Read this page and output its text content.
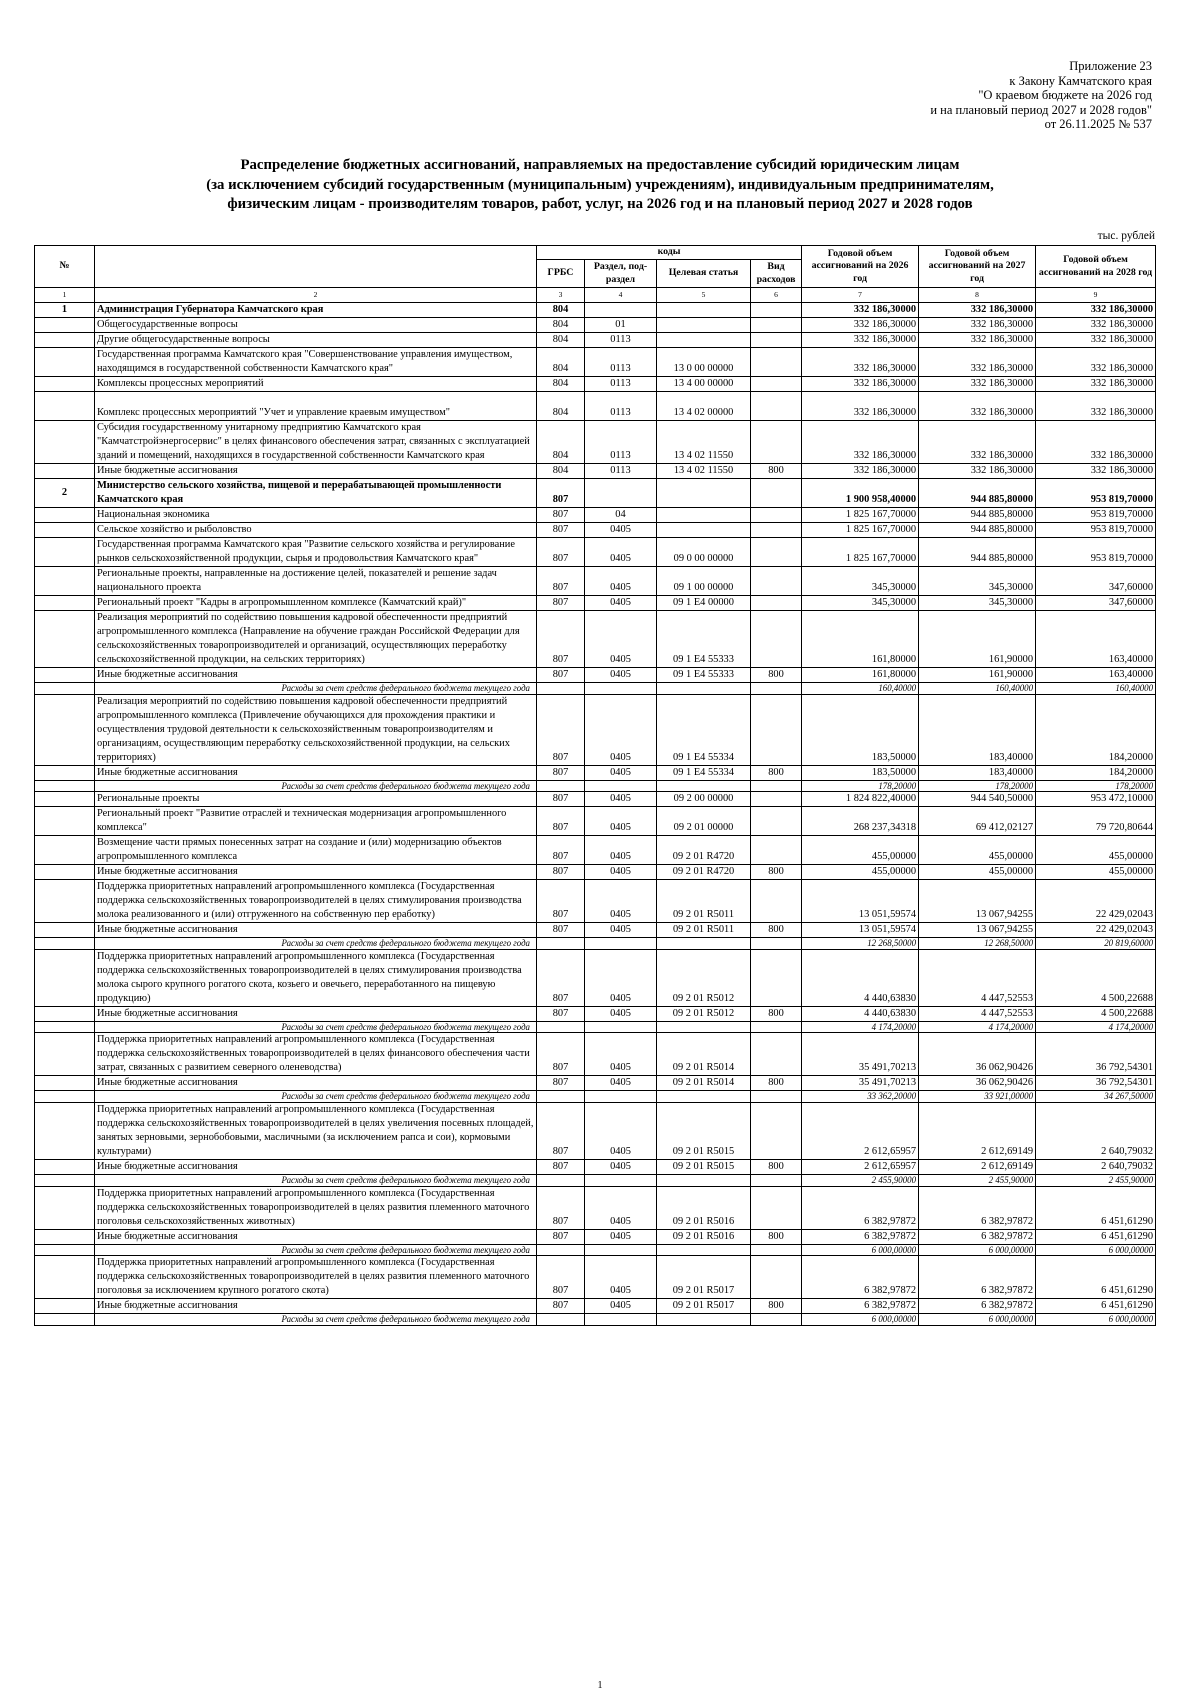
Приложение 23
к Закону Камчатского края
"О краевом бюджете на 2026 год
и на плановый период 2027 и 2028 годов"
от 26.11.2025 № 537
Распределение бюджетных ассигнований, направляемых на предоставление субсидий юридическим лицам
(за исключением субсидий государственным (муниципальным) учреждениям), индивидуальным предпринимателям,
физическим лицам - производителям товаров, работ, услуг, на 2026 год и на плановый период 2027 и 2028 годов
тыс. рублей
№		коды				Годовой объем ассигнований на 2026 год	Годовой объем ассигнований на 2027 год	Годовой объем ассигнований на 2028 год
		ГРБС	Раздел, под-раздел	Целевая статья	Вид расходов			
1	2	3	4	5	6	7	8	9
1	Администрация Губернатора Камчатского края	804				332 186,30000	332 186,30000	332 186,30000
	Общегосударственные вопросы	804	01			332 186,30000	332 186,30000	332 186,30000
	Другие общегосударственные вопросы	804	0113			332 186,30000	332 186,30000	332 186,30000
	Государственная программа Камчатского края "Совершенствование управления имуществом, находящимся в государственной собственности Камчатского края"	804	0113	13 0 00 00000		332 186,30000	332 186,30000	332 186,30000
	Комплексы процессных мероприятий	804	0113	13 4 00 00000		332 186,30000	332 186,30000	332 186,30000
	Комплекс процессных мероприятий "Учет и управление краевым имуществом"	804	0113	13 4 02 00000		332 186,30000	332 186,30000	332 186,30000
	Субсидия государственному унитарному предприятию Камчатского края "Камчатстройэнергосервис" в целях финансового обеспечения затрат, связанных с эксплуатацией зданий и помещений, находящихся в государственной собственности Камчатского края	804	0113	13 4 02 11550		332 186,30000	332 186,30000	332 186,30000
	Иные бюджетные ассигнования	804	0113	13 4 02 11550	800	332 186,30000	332 186,30000	332 186,30000
2	Министерство сельского хозяйства, пищевой и перерабатывающей промышленности Камчатского края	807				1 900 958,40000	944 885,80000	953 819,70000
	Национальная экономика	807	04			1 825 167,70000	944 885,80000	953 819,70000
	Сельское хозяйство и рыболовство	807	0405			1 825 167,70000	944 885,80000	953 819,70000
	Государственная программа Камчатского края "Развитие сельского хозяйства и регулирование рынков сельскохозяйственной продукции, сырья и продовольствия Камчатского края"	807	0405	09 0 00 00000		1 825 167,70000	944 885,80000	953 819,70000
	Региональные проекты, направленные на достижение целей, показателей и решение задач национального проекта	807	0405	09 1 00 00000		345,30000	345,30000	347,60000
	Региональный проект "Кадры в агропромышленном комплексе (Камчатский край)"	807	0405	09 1 E4 00000		345,30000	345,30000	347,60000
	Реализация мероприятий по содействию повышения кадровой обеспеченности предприятий агропромышленного комплекса (Направление на обучение граждан Российской Федерации для сельскохозяйственных товаропроизводителей и организаций, осуществляющих переработку сельскохозяйственной продукции, на сельских территориях)	807	0405	09 1 E4 55333		161,80000	161,90000	163,40000
	Иные бюджетные ассигнования	807	0405	09 1 E4 55333	800	161,80000	161,90000	163,40000
	Расходы за счет средств федерального бюджета текущего года					160,40000	160,40000	160,40000
	Реализация мероприятий по содействию повышения кадровой обеспеченности предприятий агропромышленного комплекса (Привлечение обучающихся для прохождения практики и осуществления трудовой деятельности к сельскохозяйственным товаропроизводителям и организациям, осуществляющим переработку сельскохозяйственной продукции, на сельских территориях)	807	0405	09 1 E4 55334		183,50000	183,40000	184,20000
	Иные бюджетные ассигнования	807	0405	09 1 E4 55334	800	183,50000	183,40000	184,20000
	Расходы за счет средств федерального бюджета текущего года					178,20000	178,20000	178,20000
	Региональные проекты	807	0405	09 2 00 00000		1 824 822,40000	944 540,50000	953 472,10000
	Региональный проект "Развитие отраслей и техническая модернизация агропромышленного комплекса"	807	0405	09 2 01 00000		268 237,34318	69 412,02127	79 720,80644
	Возмещение части прямых понесенных затрат на создание и (или) модернизацию объектов агропромышленного комплекса	807	0405	09 2 01 R4720		455,00000	455,00000	455,00000
	Иные бюджетные ассигнования	807	0405	09 2 01 R4720	800	455,00000	455,00000	455,00000
	Поддержка приоритетных направлений агропромышленного комплекса (Государственная поддержка сельскохозяйственных товаропроизводителей в целях стимулирования производства молока реализованного и (или) отгруженного на собственную пер еработку)	807	0405	09 2 01 R5011		13 051,59574	13 067,94255	22 429,02043
	Иные бюджетные ассигнования	807	0405	09 2 01 R5011	800	13 051,59574	13 067,94255	22 429,02043
	Расходы за счет средств федерального бюджета текущего года					12 268,50000	12 268,50000	20 819,60000
	Поддержка приоритетных направлений агропромышленного комплекса (Государственная поддержка сельскохозяйственных товаропроизводителей в целях стимулирования производства молока сырого крупного рогатого скота, козьего и овечьего, переработанного на пищевую продукцию)	807	0405	09 2 01 R5012		4 440,63830	4 447,52553	4 500,22688
	Иные бюджетные ассигнования	807	0405	09 2 01 R5012	800	4 440,63830	4 447,52553	4 500,22688
	Расходы за счет средств федерального бюджета текущего года					4 174,20000	4 174,20000	4 174,20000
	Поддержка приоритетных направлений агропромышленного комплекса (Государственная поддержка сельскохозяйственных товаропроизводителей в целях финансового обеспечения части затрат, связанных с развитием северного оленеводства)	807	0405	09 2 01 R5014		35 491,70213	36 062,90426	36 792,54301
	Иные бюджетные ассигнования	807	0405	09 2 01 R5014	800	35 491,70213	36 062,90426	36 792,54301
	Расходы за счет средств федерального бюджета текущего года					33 362,20000	33 921,00000	34 267,50000
	Поддержка приоритетных направлений агропромышленного комплекса (Государственная поддержка сельскохозяйственных товаропроизводителей в целях увеличения посевных площадей, занятых зерновыми, зернобобовыми, масличными (за исключением рапса и сои), кормовыми культурами)	807	0405	09 2 01 R5015		2 612,65957	2 612,69149	2 640,79032
	Иные бюджетные ассигнования	807	0405	09 2 01 R5015	800	2 612,65957	2 612,69149	2 640,79032
	Расходы за счет средств федерального бюджета текущего года					2 455,90000	2 455,90000	2 455,90000
	Поддержка приоритетных направлений агропромышленного комплекса (Государственная поддержка сельскохозяйственных товаропроизводителей в целях развития племенного маточного поголовья сельскохозяйственных животных)	807	0405	09 2 01 R5016		6 382,97872	6 382,97872	6 451,61290
	Иные бюджетные ассигнования	807	0405	09 2 01 R5016	800	6 382,97872	6 382,97872	6 451,61290
	Расходы за счет средств федерального бюджета текущего года					6 000,00000	6 000,00000	6 000,00000
	Поддержка приоритетных направлений агропромышленного комплекса (Государственная поддержка сельскохозяйственных товаропроизводителей в целях развития племенного маточного поголовья за исключением крупного рогатого скота)	807	0405	09 2 01 R5017		6 382,97872	6 382,97872	6 451,61290
	Иные бюджетные ассигнования	807	0405	09 2 01 R5017	800	6 382,97872	6 382,97872	6 451,61290
	Расходы за счет средств федерального бюджета текущего года					6 000,00000	6 000,00000	6 000,00000
1
